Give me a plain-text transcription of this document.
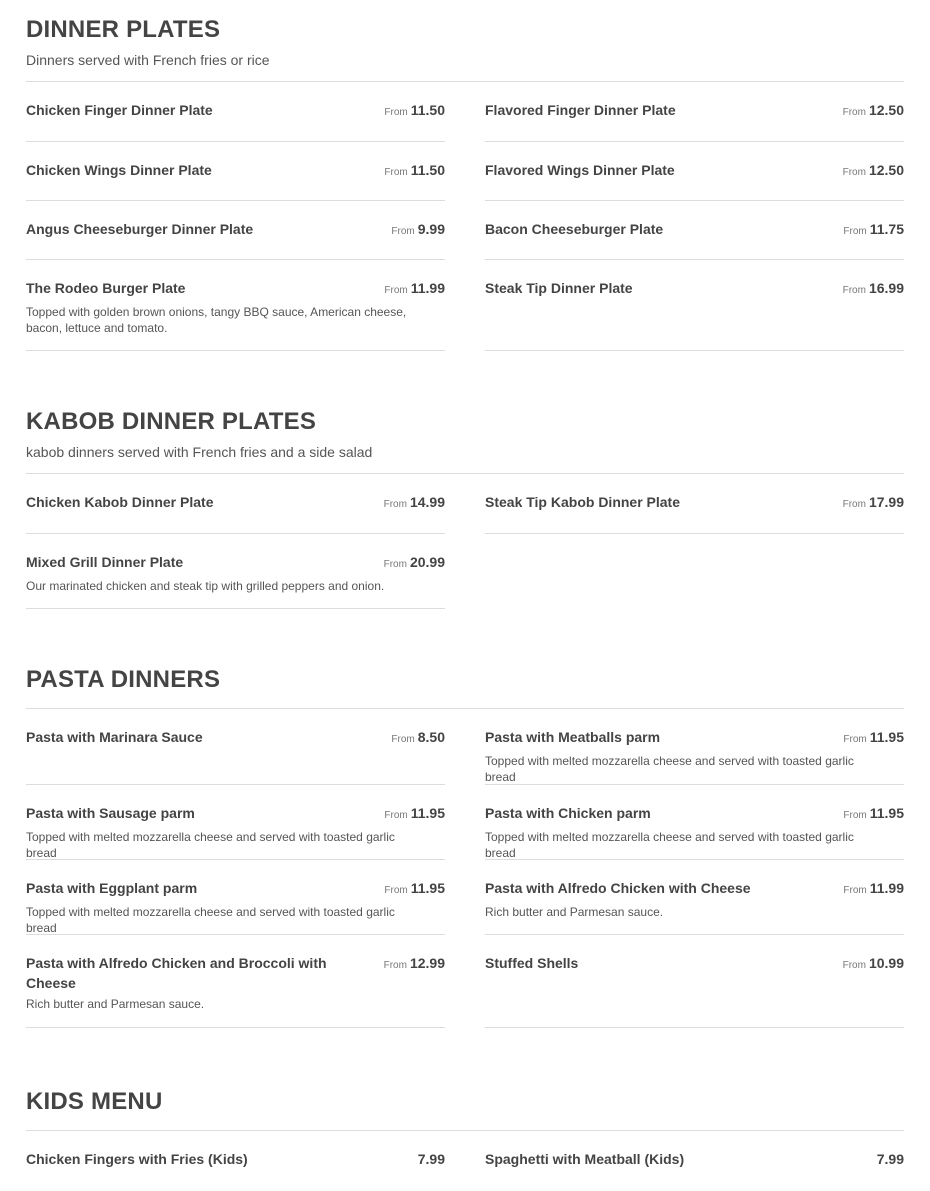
DINNER PLATES
Dinners served with French fries or rice
Chicken Finger Dinner Plate	From 11.50	Flavored Finger Dinner Plate	From 12.50
Chicken Wings Dinner Plate	From 11.50	Flavored Wings Dinner Plate	From 12.50
Angus Cheeseburger Dinner Plate	From 9.99	Bacon Cheeseburger Plate	From 11.75
The Rodeo Burger Plate	From 11.99
Topped with golden brown onions, tangy BBQ sauce, American cheese, bacon, lettuce and tomato.
Steak Tip Dinner Plate	From 16.99
KABOB DINNER PLATES
kabob dinners served with French fries and a side salad
Chicken Kabob Dinner Plate	From 14.99	Steak Tip Kabob Dinner Plate	From 17.99
Mixed Grill Dinner Plate	From 20.99
Our marinated chicken and steak tip with grilled peppers and onion.
PASTA DINNERS
Pasta with Marinara Sauce	From 8.50	Pasta with Meatballs parm	From 11.95
Topped with melted mozzarella cheese and served with toasted garlic bread
Pasta with Sausage parm	From 11.95
Topped with melted mozzarella cheese and served with toasted garlic bread
Pasta with Chicken parm	From 11.95
Topped with melted mozzarella cheese and served with toasted garlic bread
Pasta with Eggplant parm	From 11.95
Topped with melted mozzarella cheese and served with toasted garlic bread
Pasta with Alfredo Chicken with Cheese	From 11.99
Rich butter and Parmesan sauce.
Pasta with Alfredo Chicken and Broccoli with Cheese
From 12.99
Rich butter and Parmesan sauce.
Stuffed Shells	From 10.99
KIDS MENU
Chicken Fingers with Fries (Kids)	7.99	Spaghetti with Meatball (Kids)	7.99
